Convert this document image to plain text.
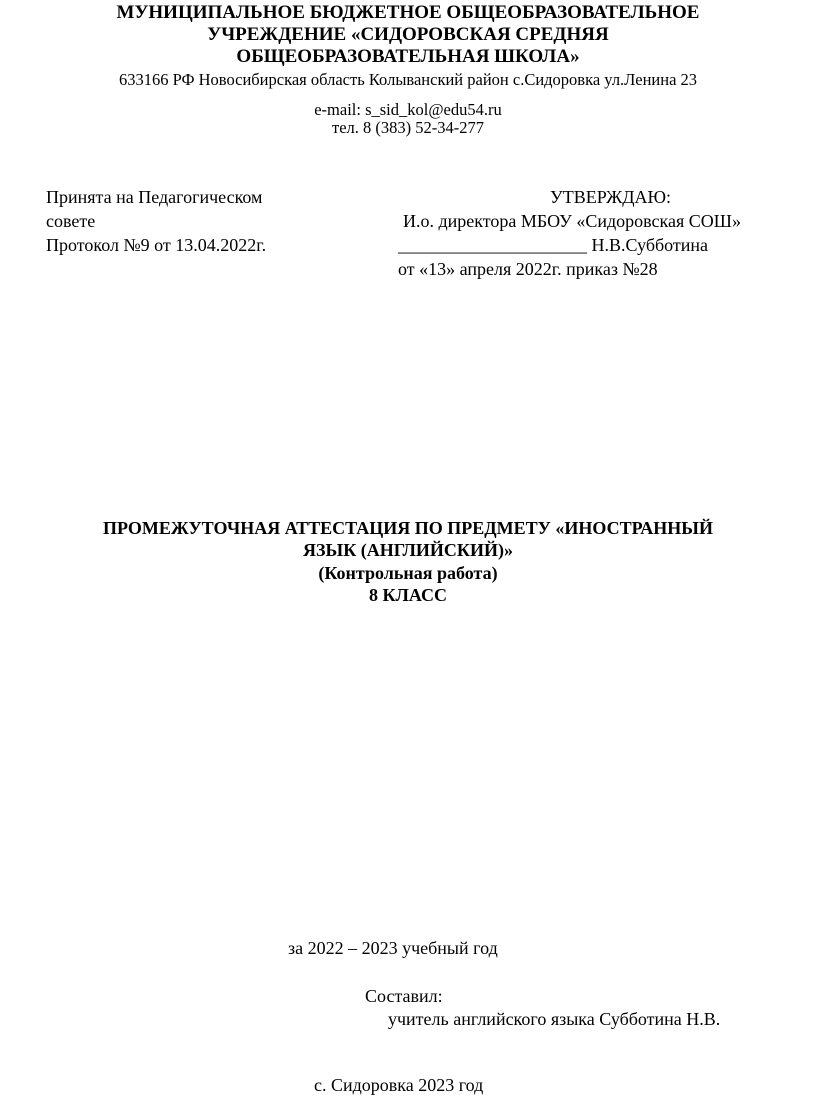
МУНИЦИПАЛЬНОЕ БЮДЖЕТНОЕ ОБЩЕОБРАЗОВАТЕЛЬНОЕ
УЧРЕЖДЕНИЕ «СИДОРОВСКАЯ СРЕДНЯЯ
ОБЩЕОБРАЗОВАТЕЛЬНАЯ ШКОЛА»
633166 РФ Новосибирская область Колыванский район с.Сидоровка ул.Ленина 23
e-mail: s_sid_kol@edu54.ru
тел. 8 (383) 52-34-277
Принята на Педагогическом
совете
Протокол №9 от 13.04.2022г.
УТВЕРЖДАЮ:
И.о. директора МБОУ «Сидоровская СОШ»
_____________________ Н.В.Субботина
от «13» апреля 2022г. приказ №28
ПРОМЕЖУТОЧНАЯ АТТЕСТАЦИЯ ПО ПРЕДМЕТУ «ИНОСТРАННЫЙ
ЯЗЫК (АНГЛИЙСКИЙ)»
(Контрольная работа)
8 КЛАСС
за 2022 – 2023 учебный год
Составил:
учитель английского языка Субботина Н.В.
с. Сидоровка 2023 год
